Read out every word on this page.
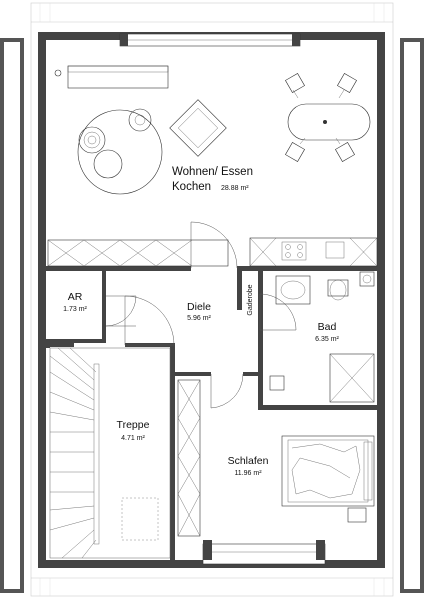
Wohnen/ Essen
Kochen 28.88 m²
AR
1.73 m²	Diele
5.96 m²
Gaderobe
Bad
6.35 m²
Treppe
4.71 m²
Schlafen
11.96 m²
